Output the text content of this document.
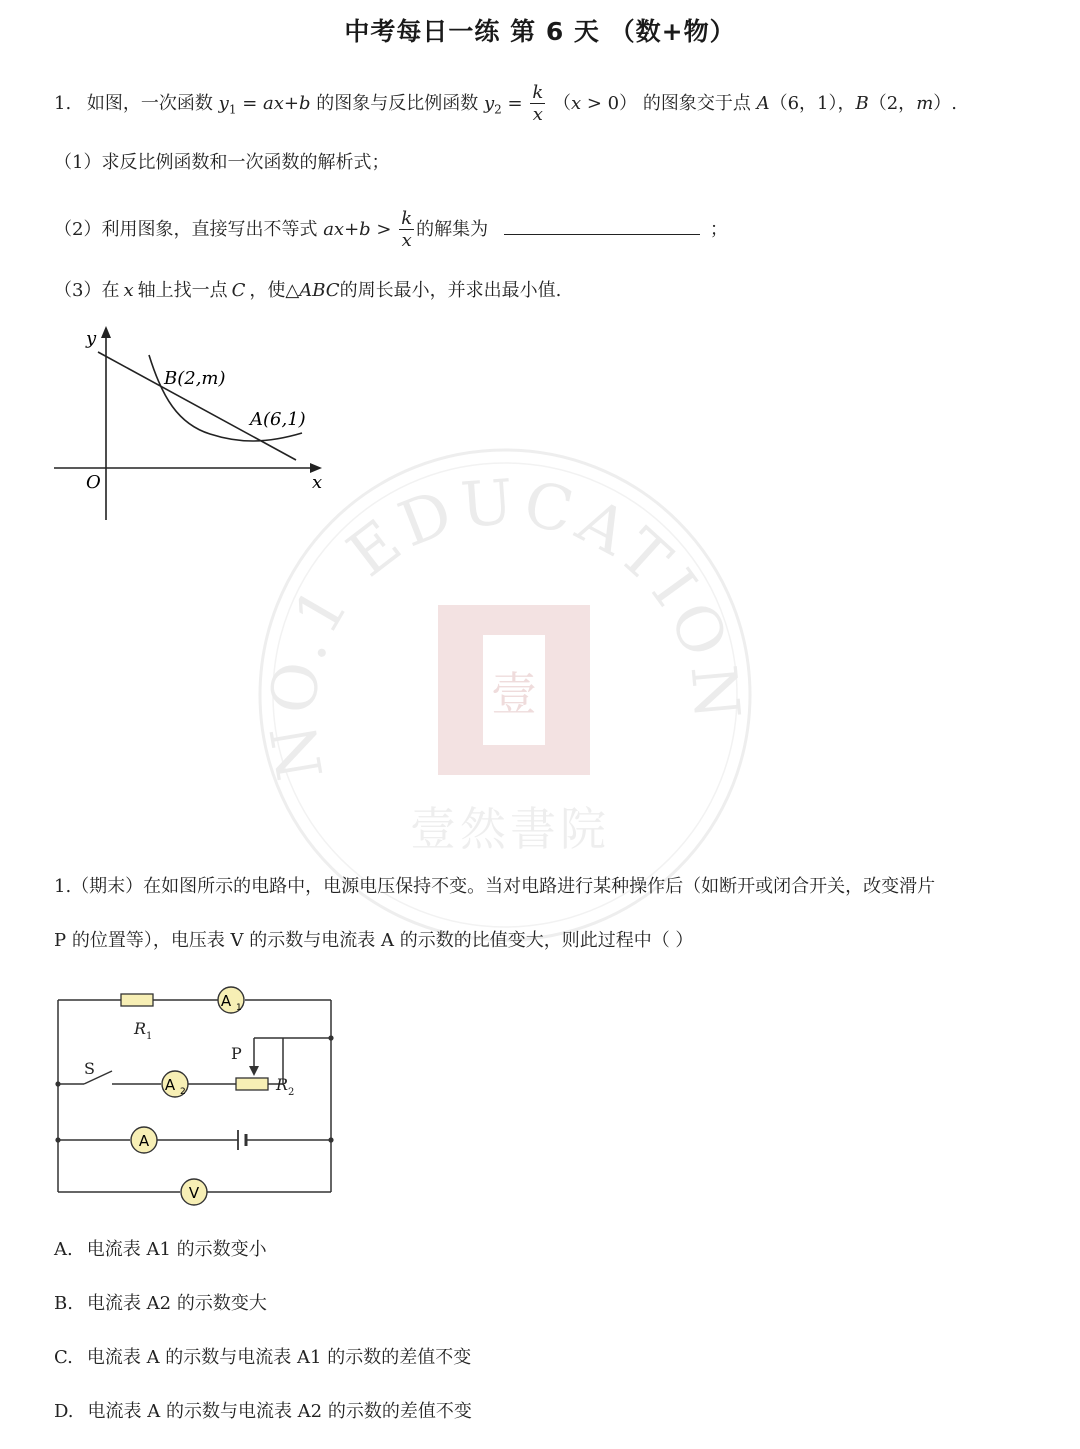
NO.1 EDUCATION
壹
壹然書院
中考每日一练 第 6 天 （数+物）
1. 如图，一次函数 $y_1 = ax+b$ 的图象与反比例函数 $y_2 = \frac{k}{x} (x > 0)$ 的图象交于点 A（6，1），B（2，m）.
（1）求反比例函数和一次函数的解析式；
（2）利用图象，直接写出不等式 $ax+b > \frac{k}{x}$ 的解集为	；
（3）在 x 轴上找一点 C ，使△ABC的周长最小，并求出最小值.
y
x
O
B(2,m)
A(6,1)
1.（期末）在如图所示的电路中，电源电压保持不变。当对电路进行某种操作后（如断开或闭合开关，改变滑片
P 的位置等），电压表 V 的示数与电流表 A 的示数的比值变大，则此过程中（ ）
A 1
A 2
A
V
$R_1$
$R_2$
S
P
A. 电流表 A1 的示数变小
B. 电流表 A2 的示数变大
C. 电流表 A 的示数与电流表 A1 的示数的差值不变
D. 电流表 A 的示数与电流表 A2 的示数的差值不变
